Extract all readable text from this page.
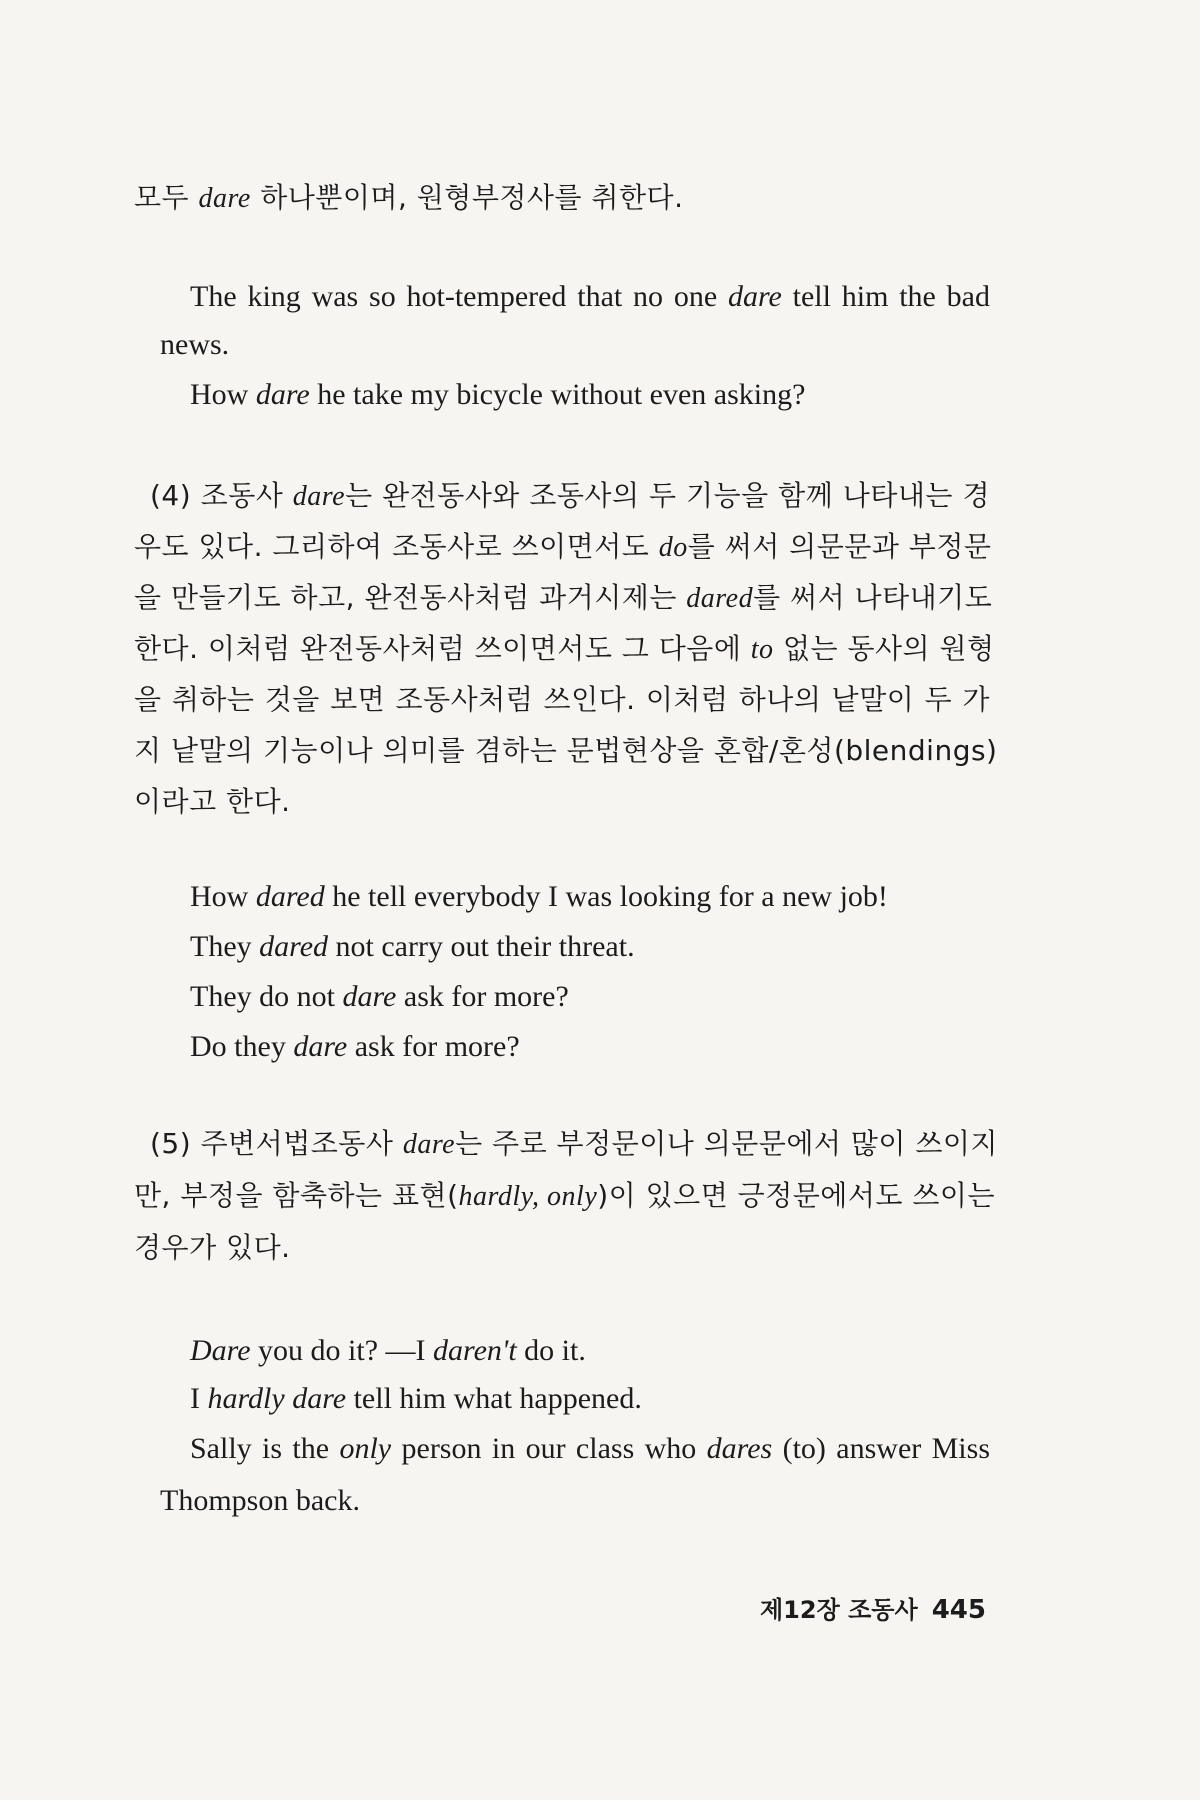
모두 dare 하나뿐이며, 원형부정사를 취한다.
The king was so hot-tempered that no one dare tell him the bad
news.
How dare he take my bicycle without even asking?
(4) 조동사 dare는 완전동사와 조동사의 두 기능을 함께 나타내는 경
우도 있다. 그리하여 조동사로 쓰이면서도 do를 써서 의문문과 부정문
을 만들기도 하고, 완전동사처럼 과거시제는 dared를 써서 나타내기도
한다. 이처럼 완전동사처럼 쓰이면서도 그 다음에 to 없는 동사의 원형
을 취하는 것을 보면 조동사처럼 쓰인다. 이처럼 하나의 낱말이 두 가
지 낱말의 기능이나 의미를 겸하는 문법현상을 혼합/혼성(blendings)
이라고 한다.
How dared he tell everybody I was looking for a new job!
They dared not carry out their threat.
They do not dare ask for more?
Do they dare ask for more?
(5) 주변서법조동사 dare는 주로 부정문이나 의문문에서 많이 쓰이지
만, 부정을 함축하는 표현(hardly, only)이 있으면 긍정문에서도 쓰이는
경우가 있다.
Dare you do it? —I daren't do it.
I hardly dare tell him what happened.
Sally is the only person in our class who dares (to) answer Miss
Thompson back.
제12장 조동사 445
